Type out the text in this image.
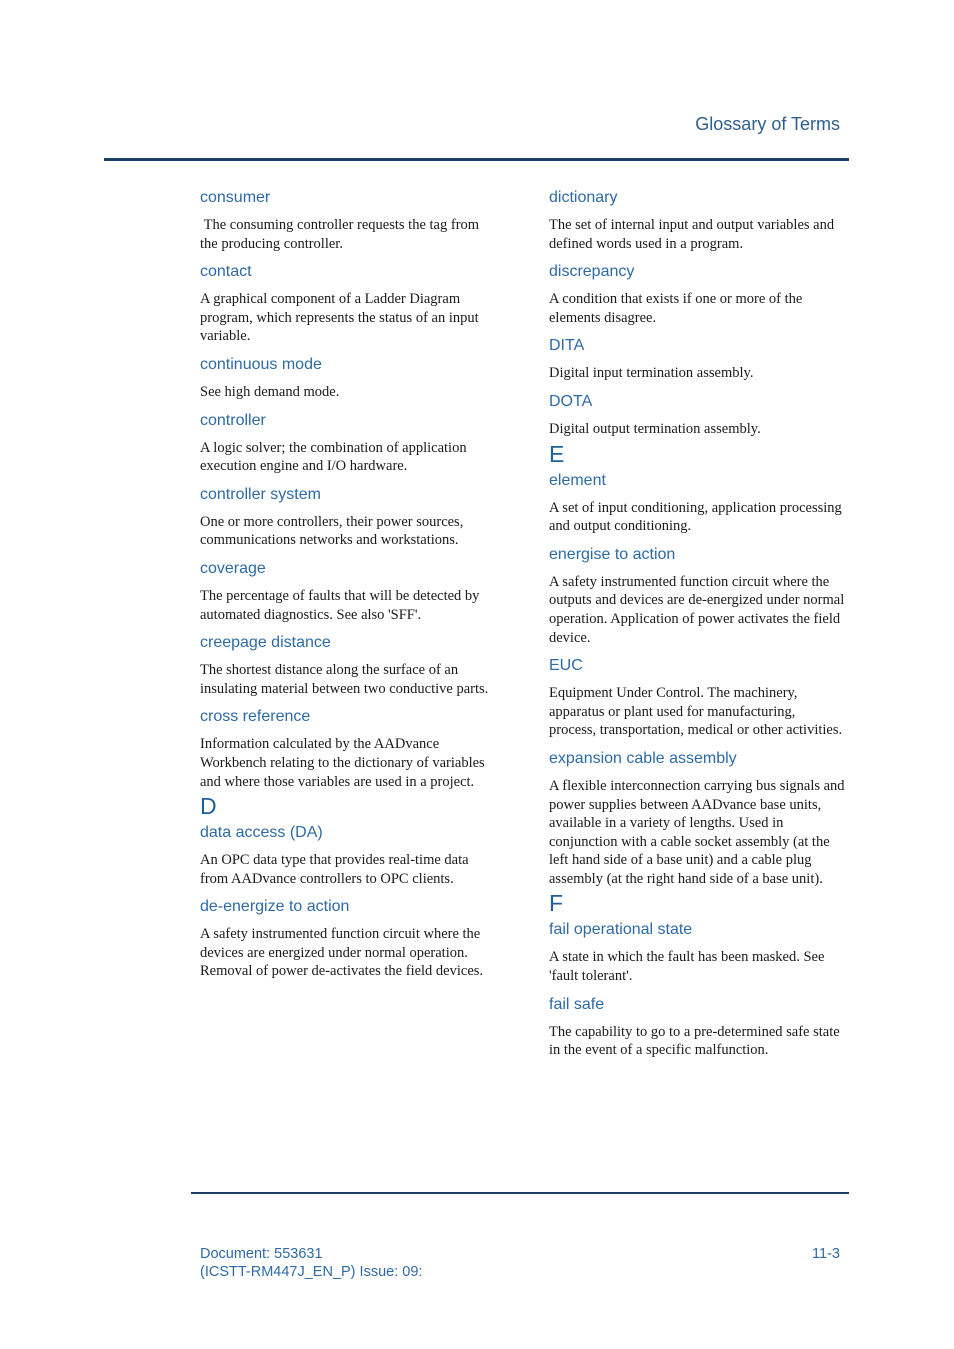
Glossary of Terms

consumer

The consuming controller requests the tag from the producing controller.

contact

A graphical component of a Ladder Diagram program, which represents the status of an input variable.

continuous mode

See high demand mode.

controller

A logic solver; the combination of application execution engine and I/O hardware.

controller system

One or more controllers, their power sources, communications networks and workstations.

coverage

The percentage of faults that will be detected by automated diagnostics. See also 'SFF'.

creepage distance

The shortest distance along the surface of an insulating material between two conductive parts.

cross reference

Information calculated by the AADvance Workbench relating to the dictionary of variables and where those variables are used in a project.

D

data access (DA)

An OPC data type that provides real-time data from AADvance controllers to OPC clients.

de-energize to action

A safety instrumented function circuit where the devices are energized under normal operation. Removal of power de-activates the field devices.

dictionary

The set of internal input and output variables and defined words used in a program.

discrepancy

A condition that exists if one or more of the elements disagree.

DITA

Digital input termination assembly.

DOTA

Digital output termination assembly.

E

element

A set of input conditioning, application processing and output conditioning.

energise to action

A safety instrumented function circuit where the outputs and devices are de-energized under normal operation. Application of power activates the field device.

EUC

Equipment Under Control. The machinery, apparatus or plant used for manufacturing, process, transportation, medical or other activities.

expansion cable assembly

A flexible interconnection carrying bus signals and power supplies between AADvance base units, available in a variety of lengths. Used in conjunction with a cable socket assembly (at the left hand side of a base unit) and a cable plug assembly (at the right hand side of a base unit).

F

fail operational state

A state in which the fault has been masked. See 'fault tolerant'.

fail safe

The capability to go to a pre-determined safe state in the event of a specific malfunction.

Document: 553631
(ICSTT-RM447J_EN_P) Issue: 09:
11-3
